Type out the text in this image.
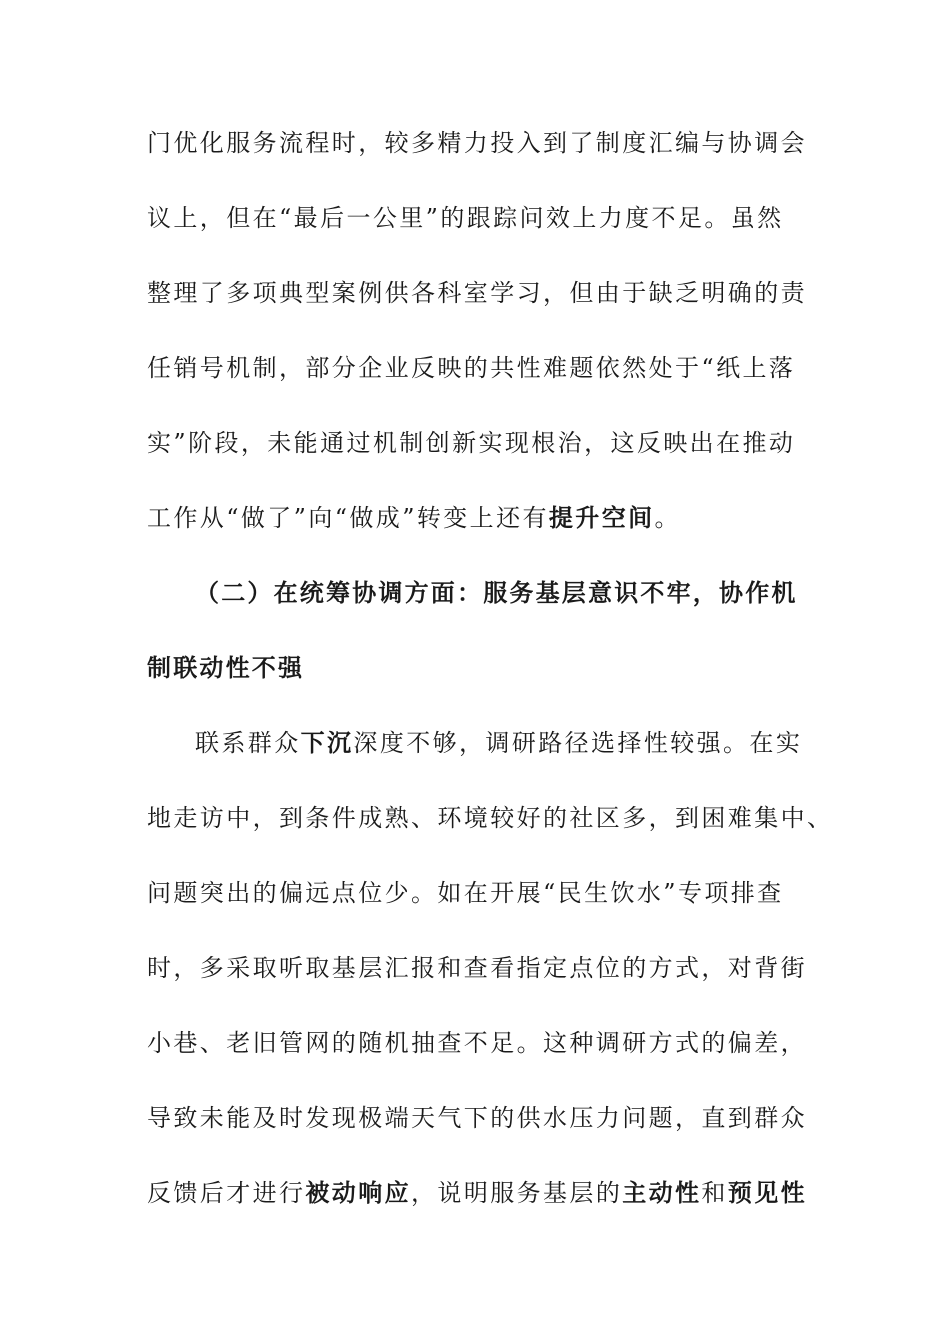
门优化服务流程时，较多精力投入到了制度汇编与协调会
议上，但在“最后一公里”的跟踪问效上力度不足。虽然
整理了多项典型案例供各科室学习，但由于缺乏明确的责
任销号机制，部分企业反映的共性难题依然处于“纸上落
实”阶段，未能通过机制创新实现根治，这反映出在推动
工作从“做了”向“做成”转变上还有提升空间。
（二）在统筹协调方面：服务基层意识不牢，协作机
制联动性不强
联系群众下沉深度不够，调研路径选择性较强。在实
地走访中，到条件成熟、环境较好的社区多，到困难集中、
问题突出的偏远点位少。如在开展“民生饮水”专项排查
时，多采取听取基层汇报和查看指定点位的方式，对背街
小巷、老旧管网的随机抽查不足。这种调研方式的偏差，
导致未能及时发现极端天气下的供水压力问题，直到群众
反馈后才进行被动响应，说明服务基层的主动性和预见性
